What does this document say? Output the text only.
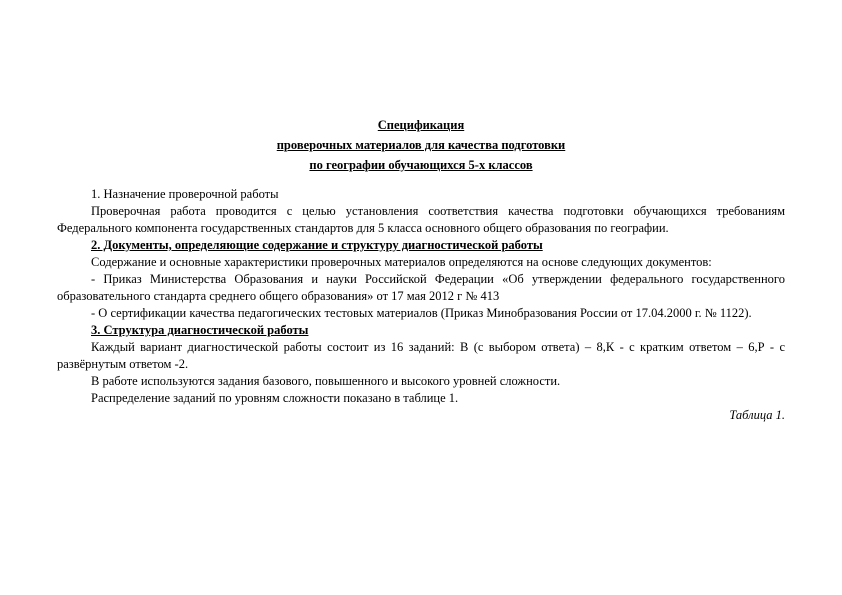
Спецификация
проверочных материалов для качества подготовки
по географии обучающихся 5-х классов

1. Назначение проверочной работы

Проверочная работа проводится с целью установления соответствия качества подготовки обучающихся требованиям Федерального компонента государственных стандартов для 5 класса основного общего образования по географии.

2. Документы, определяющие содержание и структуру диагностической работы

Содержание и основные характеристики проверочных материалов определяются на основе следующих документов:

- Приказ Министерства Образования и науки Российской Федерации «Об утверждении федерального государственного образовательного стандарта среднего общего образования» от 17 мая 2012 г № 413

- О сертификации качества педагогических тестовых материалов (Приказ Минобразования России от 17.04.2000 г. № 1122).

3. Структура диагностической работы

Каждый вариант диагностической работы состоит из 16 заданий: В (с выбором ответа) – 8,К - с кратким ответом – 6,Р - с развёрнутым ответом -2.

В работе используются задания базового, повышенного и высокого уровней сложности.

Распределение заданий по уровням сложности показано в таблице 1.

Таблица 1.
